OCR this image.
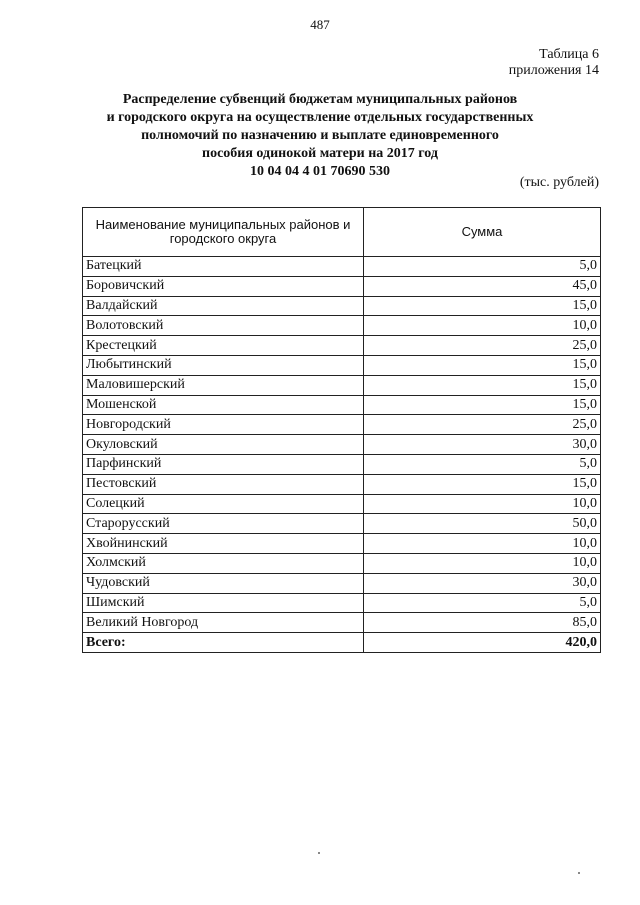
487
Таблица 6
приложения 14
Распределение субвенций бюджетам муниципальных районов
и городского округа на осуществление отдельных государственных
полномочий по назначению и выплате единовременного
пособия одинокой матери на 2017 год
10 04 04 4 01 70690 530
(тыс. рублей)
Наименование муниципальных районов и городского округа	Сумма
Батецкий	5,0
Боровичский	45,0
Валдайский	15,0
Волотовский	10,0
Крестецкий	25,0
Любытинский	15,0
Маловишерский	15,0
Мошенской	15,0
Новгородский	25,0
Окуловский	30,0
Парфинский	5,0
Пестовский	15,0
Солецкий	10,0
Старорусский	50,0
Хвойнинский	10,0
Холмский	10,0
Чудовский	30,0
Шимский	5,0
Великий Новгород	85,0
Всего:	420,0
